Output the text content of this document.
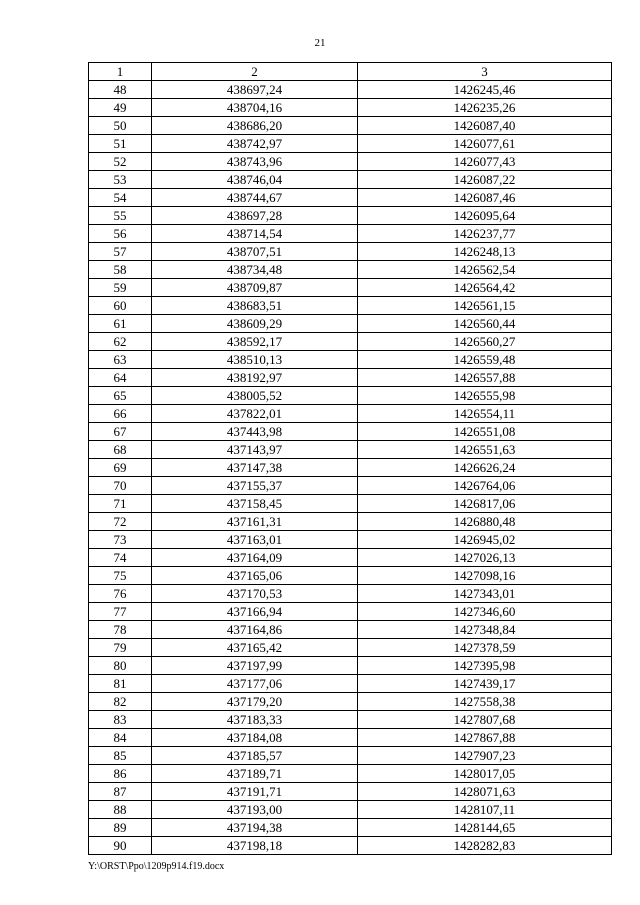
21
1	2	3
48	438697,24	1426245,46
49	438704,16	1426235,26
50	438686,20	1426087,40
51	438742,97	1426077,61
52	438743,96	1426077,43
53	438746,04	1426087,22
54	438744,67	1426087,46
55	438697,28	1426095,64
56	438714,54	1426237,77
57	438707,51	1426248,13
58	438734,48	1426562,54
59	438709,87	1426564,42
60	438683,51	1426561,15
61	438609,29	1426560,44
62	438592,17	1426560,27
63	438510,13	1426559,48
64	438192,97	1426557,88
65	438005,52	1426555,98
66	437822,01	1426554,11
67	437443,98	1426551,08
68	437143,97	1426551,63
69	437147,38	1426626,24
70	437155,37	1426764,06
71	437158,45	1426817,06
72	437161,31	1426880,48
73	437163,01	1426945,02
74	437164,09	1427026,13
75	437165,06	1427098,16
76	437170,53	1427343,01
77	437166,94	1427346,60
78	437164,86	1427348,84
79	437165,42	1427378,59
80	437197,99	1427395,98
81	437177,06	1427439,17
82	437179,20	1427558,38
83	437183,33	1427807,68
84	437184,08	1427867,88
85	437185,57	1427907,23
86	437189,71	1428017,05
87	437191,71	1428071,63
88	437193,00	1428107,11
89	437194,38	1428144,65
90	437198,18	1428282,83
Y:\ORST\Ppo\1209p914.f19.docx
